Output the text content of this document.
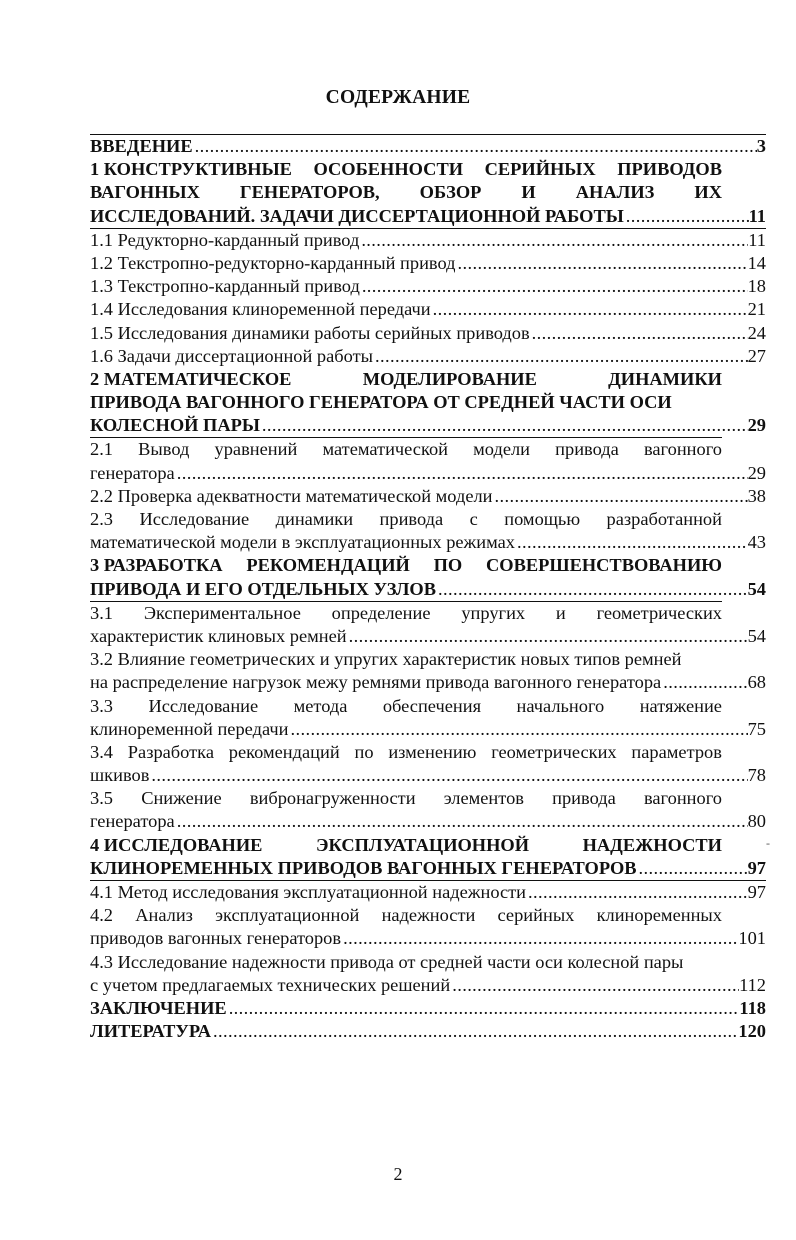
СОДЕРЖАНИЕ
ВВЕДЕНИЕ . . .	3
1 КОНСТРУКТИВНЫЕ ОСОБЕННОСТИ СЕРИЙНЫХ ПРИВОДОВ
ВАГОННЫХ ГЕНЕРАТОРОВ, ОБЗОР И АНАЛИЗ ИХ
ИССЛЕДОВАНИЙ. ЗАДАЧИ ДИССЕРТАЦИОННОЙ РАБОТЫ . . .	11
1.1 Редукторно-карданный привод . . .	11
1.2 Текстропно-редукторно-карданный привод . . .	14
1.3 Текстропно-карданный привод . . .	18
1.4 Исследования клиноременной передачи . . .	21
1.5 Исследования динамики работы серийных приводов . . .	24
1.6 Задачи диссертационной работы . . .	27
2 МАТЕМАТИЧЕСКОЕ	МОДЕЛИРОВАНИЕ	ДИНАМИКИ
ПРИВОДА ВАГОННОГО ГЕНЕРАТОРА ОТ СРЕДНЕЙ ЧАСТИ ОСИ
КОЛЕСНОЙ ПАРЫ . . .	29
2.1 Вывод уравнений математической модели привода вагонного
генератора . . .	29
2.2 Проверка адекватности математической модели . . .	38
2.3 Исследование динамики привода с помощью разработанной
математической модели в эксплуатационных режимах . . .	43
3 РАЗРАБОТКА РЕКОМЕНДАЦИЙ ПО СОВЕРШЕНСТВОВАНИЮ
ПРИВОДА И ЕГО ОТДЕЛЬНЫХ УЗЛОВ . . .	54
3.1 Экспериментальное определение упругих и геометрических
характеристик клиновых ремней . . .	54
3.2 Влияние геометрических и упругих характеристик новых типов ремней
на распределение нагрузок межу ремнями привода вагонного генератора . . .	68
3.3 Исследование метода обеспечения начального натяжение
клиноременной передачи . . .	75
3.4 Разработка рекомендаций по изменению геометрических параметров
шкивов . . .	78
3.5 Снижение вибронагруженности элементов привода вагонного
генератора . . .	80
4 ИССЛЕДОВАНИЕ	ЭКСПЛУАТАЦИОННОЙ	НАДЕЖНОСТИ
КЛИНОРЕМЕННЫХ ПРИВОДОВ ВАГОННЫХ ГЕНЕРАТОРОВ . . .	97
4.1 Метод исследования эксплуатационной надежности . . .	97
4.2 Анализ эксплуатационной надежности серийных клиноременных
приводов вагонных генераторов . . .	101
4.3 Исследование надежности привода от средней части оси колесной пары
с учетом предлагаемых технических решений . . .	112
ЗАКЛЮЧЕНИЕ . . .	118
ЛИТЕРАТУРА . . .	120
-
2
